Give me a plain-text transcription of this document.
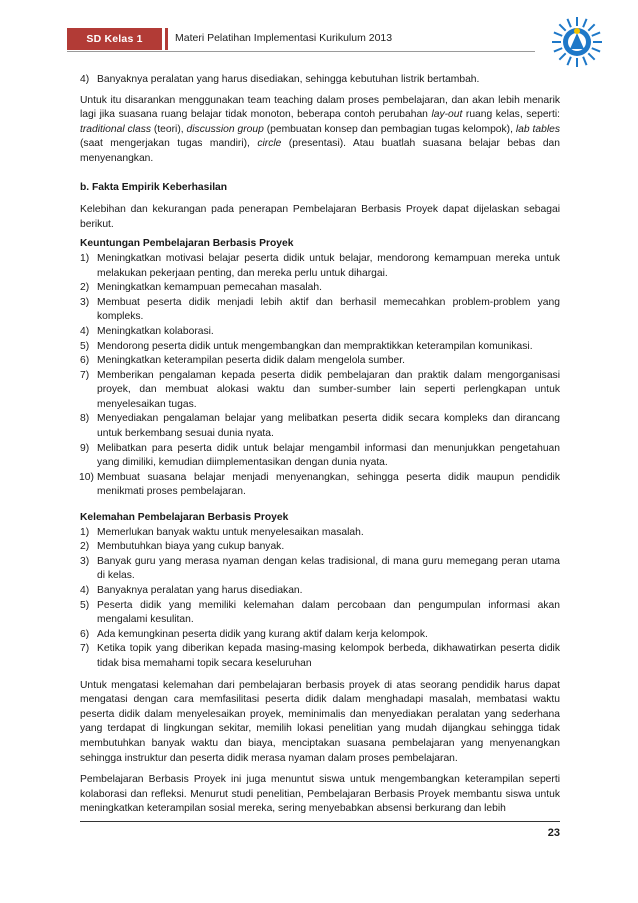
SD Kelas 1	Materi Pelatihan Implementasi Kurikulum 2013
4) Banyaknya peralatan yang harus disediakan, sehingga kebutuhan listrik bertambah.

Untuk itu disarankan menggunakan team teaching dalam proses pembelajaran, dan akan lebih menarik lagi jika suasana ruang belajar tidak monoton, beberapa contoh perubahan lay-out ruang kelas, seperti: traditional class (teori), discussion group (pembuatan konsep dan pembagian tugas kelompok), lab tables (saat mengerjakan tugas mandiri), circle (presentasi). Atau buatlah suasana belajar bebas dan menyenangkan.

b. Fakta Empirik Keberhasilan

Kelebihan dan kekurangan pada penerapan Pembelajaran Berbasis Proyek dapat dijelaskan sebagai berikut.

Keuntungan Pembelajaran Berbasis Proyek

1) Meningkatkan motivasi belajar peserta didik untuk belajar, mendorong kemampuan mereka untuk melakukan pekerjaan penting, dan mereka perlu untuk dihargai.
2) Meningkatkan kemampuan pemecahan masalah.
3) Membuat peserta didik menjadi lebih aktif dan berhasil memecahkan problem-problem yang kompleks.
4) Meningkatkan kolaborasi.
5) Mendorong peserta didik untuk mengembangkan dan mempraktikkan keterampilan komunikasi.
6) Meningkatkan keterampilan peserta didik dalam mengelola sumber.
7) Memberikan pengalaman kepada peserta didik pembelajaran dan praktik dalam mengorganisasi proyek, dan membuat alokasi waktu dan sumber-sumber lain seperti perlengkapan untuk menyelesaikan tugas.
8) Menyediakan pengalaman belajar yang melibatkan peserta didik secara kompleks dan dirancang untuk berkembang sesuai dunia nyata.
9) Melibatkan para peserta didik untuk belajar mengambil informasi dan menunjukkan pengetahuan yang dimiliki, kemudian diimplementasikan dengan dunia nyata.
10) Membuat suasana belajar menjadi menyenangkan, sehingga peserta didik maupun pendidik menikmati proses pembelajaran.

Kelemahan Pembelajaran Berbasis Proyek

1) Memerlukan banyak waktu untuk menyelesaikan masalah.
2) Membutuhkan biaya yang cukup banyak.
3) Banyak guru yang merasa nyaman dengan kelas tradisional, di mana guru memegang peran utama di kelas.
4) Banyaknya peralatan yang harus disediakan.
5) Peserta didik yang memiliki kelemahan dalam percobaan dan pengumpulan informasi akan mengalami kesulitan.
6) Ada kemungkinan peserta didik yang kurang aktif dalam kerja kelompok.
7) Ketika topik yang diberikan kepada masing-masing kelompok berbeda, dikhawatirkan peserta didik tidak bisa memahami topik secara keseluruhan

Untuk mengatasi kelemahan dari pembelajaran berbasis proyek di atas seorang pendidik harus dapat mengatasi dengan cara memfasilitasi peserta didik dalam menghadapi masalah, membatasi waktu peserta didik dalam menyelesaikan proyek, meminimalis dan menyediakan peralatan yang sederhana yang terdapat di lingkungan sekitar, memilih lokasi penelitian yang mudah dijangkau sehingga tidak membutuhkan banyak waktu dan biaya, menciptakan suasana pembelajaran yang menyenangkan sehingga instruktur dan peserta didik merasa nyaman dalam proses pembelajaran.

Pembelajaran Berbasis Proyek ini juga menuntut siswa untuk mengembangkan keterampilan seperti kolaborasi dan refleksi. Menurut studi penelitian, Pembelajaran Berbasis Proyek membantu siswa untuk meningkatkan keterampilan sosial mereka, sering menyebabkan absensi berkurang dan lebih

23
